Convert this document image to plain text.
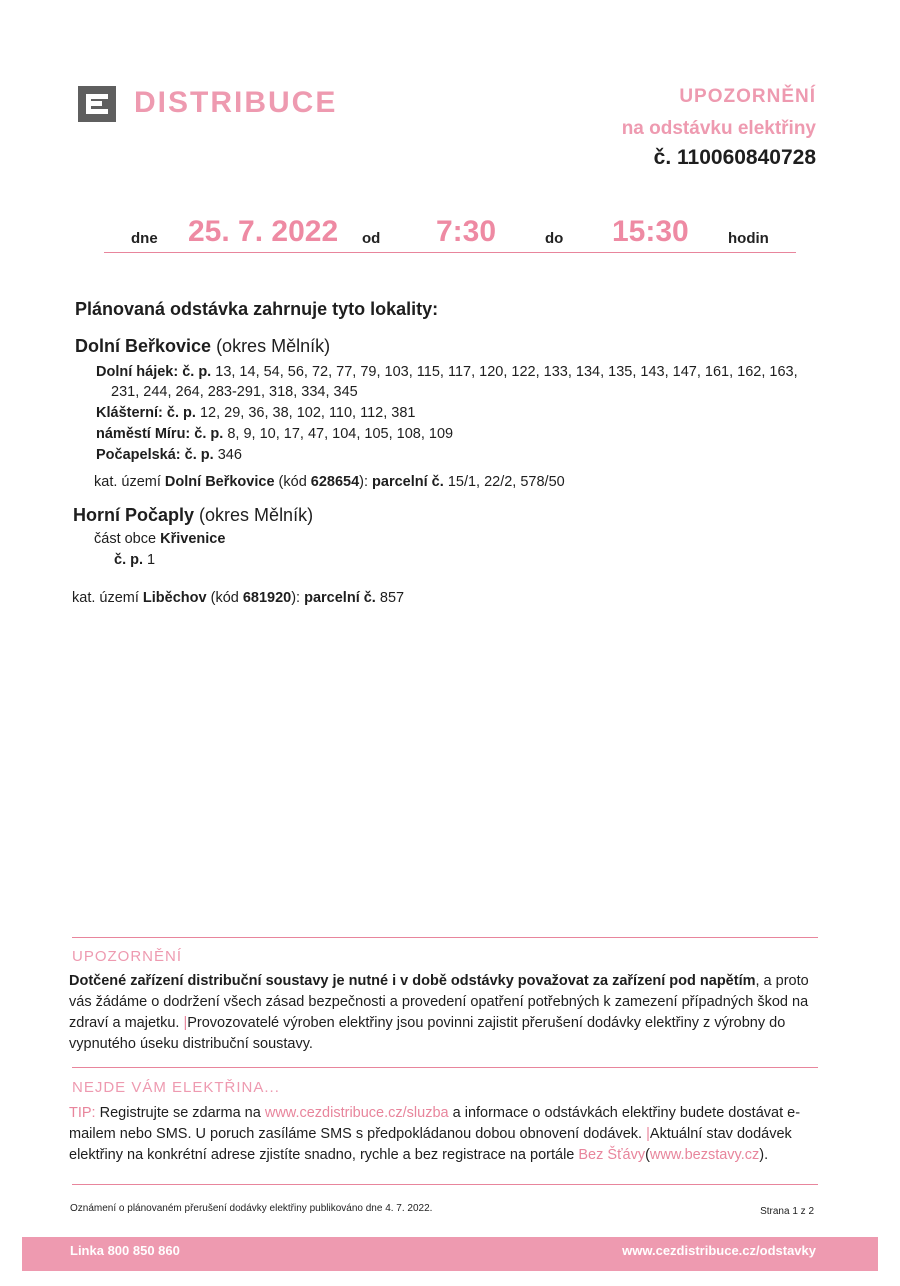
DISTRIBUCE	UPOZORNĚNÍ
na odstávku elektřiny
č. 110060840728
dne 25. 7. 2022 od 7:30	do 15:30	hodin
Plánovaná odstávka zahrnuje tyto lokality:
Dolní Beřkovice (okres Mělník)
Dolní hájek: č. p. 13, 14, 54, 56, 72, 77, 79, 103, 115, 117, 120, 122, 133, 134, 135, 143, 147, 161, 162, 163,
231, 244, 264, 283-291, 318, 334, 345
Klášterní: č. p. 12, 29, 36, 38, 102, 110, 112, 381
náměstí Míru: č. p. 8, 9, 10, 17, 47, 104, 105, 108, 109
Počapelská: č. p. 346
kat. území Dolní Beřkovice (kód 628654): parcelní č. 15/1, 22/2, 578/50
Horní Počaply (okres Mělník)
část obce Křivenice
č. p. 1
kat. území Liběchov (kód 681920): parcelní č. 857
UPOZORNĚNÍ
Dotčené zařízení distribuční soustavy je nutné i v době odstávky považovat za zařízení pod napětím, a proto vás žádáme o dodržení všech zásad bezpečnosti a provedení opatření potřebných k zamezení případných škod na zdraví a majetku. |Provozovatelé výroben elektřiny jsou povinni zajistit přerušení dodávky elektřiny z výrobny do vypnutého úseku distribuční soustavy.
NEJDE VÁM ELEKTŘINA...
TIP: Registrujte se zdarma na www.cezdistribuce.cz/sluzba a informace o odstávkách elektřiny budete dostávat e-mailem nebo SMS. U poruch zasíláme SMS s předpokládanou dobou obnovení dodávek. |Aktuální stav dodávek elektřiny na konkrétní adrese zjistíte snadno, rychle a bez registrace na portále Bez Šťávy(www.bezstavy.cz).
Oznámení o plánovaném přerušení dodávky elektřiny publikováno dne 4. 7. 2022.	Strana 1 z 2
Linka 800 850 860	www.cezdistribuce.cz/odstavky
